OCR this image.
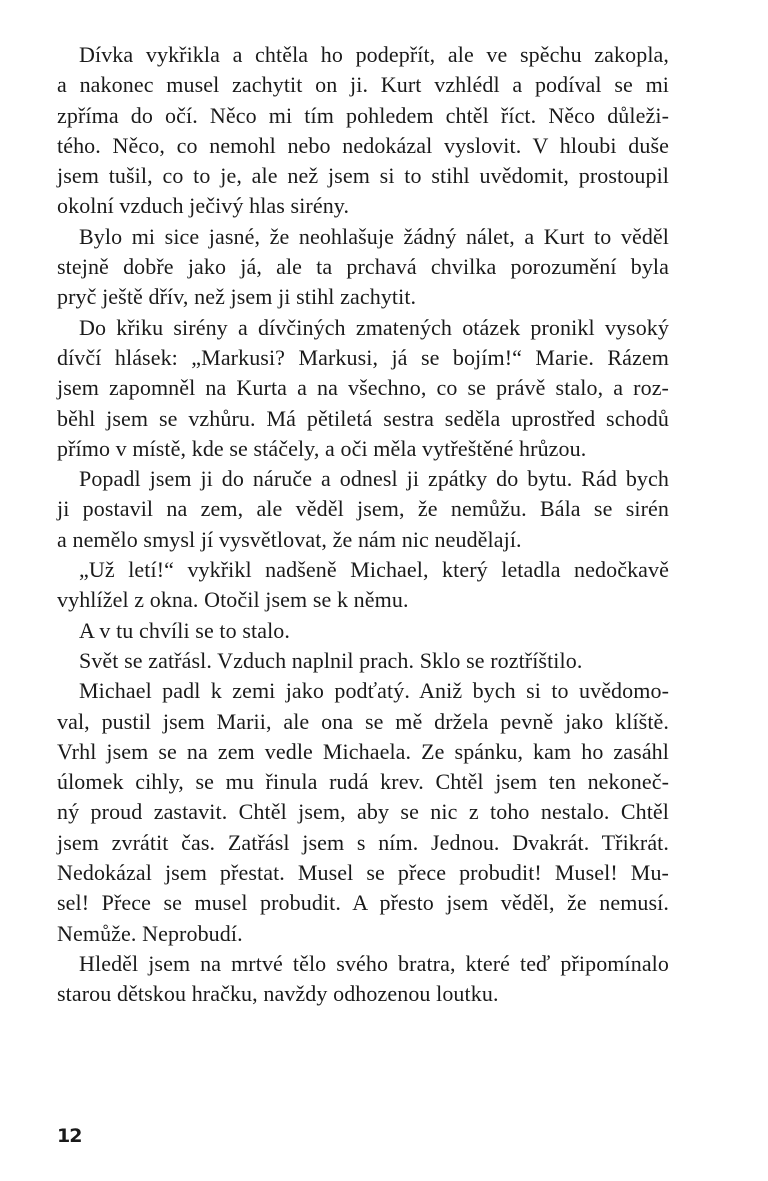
Dívka vykřikla a chtěla ho podepřít, ale ve spěchu zakopla,
a nakonec musel zachytit on ji. Kurt vzhlédl a podíval se mi
zpříma do očí. Něco mi tím pohledem chtěl říct. Něco důleži-
tého. Něco, co nemohl nebo nedokázal vyslovit. V hloubi duše
jsem tušil, co to je, ale než jsem si to stihl uvědomit, prostoupil
okolní vzduch ječivý hlas sirény.
Bylo mi sice jasné, že neohlašuje žádný nálet, a Kurt to věděl
stejně dobře jako já, ale ta prchavá chvilka porozumění byla
pryč ještě dřív, než jsem ji stihl zachytit.
Do křiku sirény a dívčiných zmatených otázek pronikl vysoký
dívčí hlásek: „Markusi? Markusi, já se bojím!“ Marie. Rázem
jsem zapomněl na Kurta a na všechno, co se právě stalo, a roz-
běhl jsem se vzhůru. Má pětiletá sestra seděla uprostřed schodů
přímo v místě, kde se stáčely, a oči měla vytřeštěné hrůzou.
Popadl jsem ji do náruče a odnesl ji zpátky do bytu. Rád bych
ji postavil na zem, ale věděl jsem, že nemůžu. Bála se sirén
a nemělo smysl jí vysvětlovat, že nám nic neudělají.
„Už letí!“ vykřikl nadšeně Michael, který letadla nedočkavě
vyhlížel z okna. Otočil jsem se k němu.
A v tu chvíli se to stalo.
Svět se zatřásl. Vzduch naplnil prach. Sklo se roztříštilo.
Michael padl k zemi jako podťatý. Aniž bych si to uvědomo-
val, pustil jsem Marii, ale ona se mě držela pevně jako klíště.
Vrhl jsem se na zem vedle Michaela. Ze spánku, kam ho zasáhl
úlomek cihly, se mu řinula rudá krev. Chtěl jsem ten nekoneč-
ný proud zastavit. Chtěl jsem, aby se nic z toho nestalo. Chtěl
jsem zvrátit čas. Zatřásl jsem s ním. Jednou. Dvakrát. Třikrát.
Nedokázal jsem přestat. Musel se přece probudit! Musel! Mu-
sel! Přece se musel probudit. A přesto jsem věděl, že nemusí.
Nemůže. Neprobudí.
Hleděl jsem na mrtvé tělo svého bratra, které teď připomínalo
starou dětskou hračku, navždy odhozenou loutku.
12
